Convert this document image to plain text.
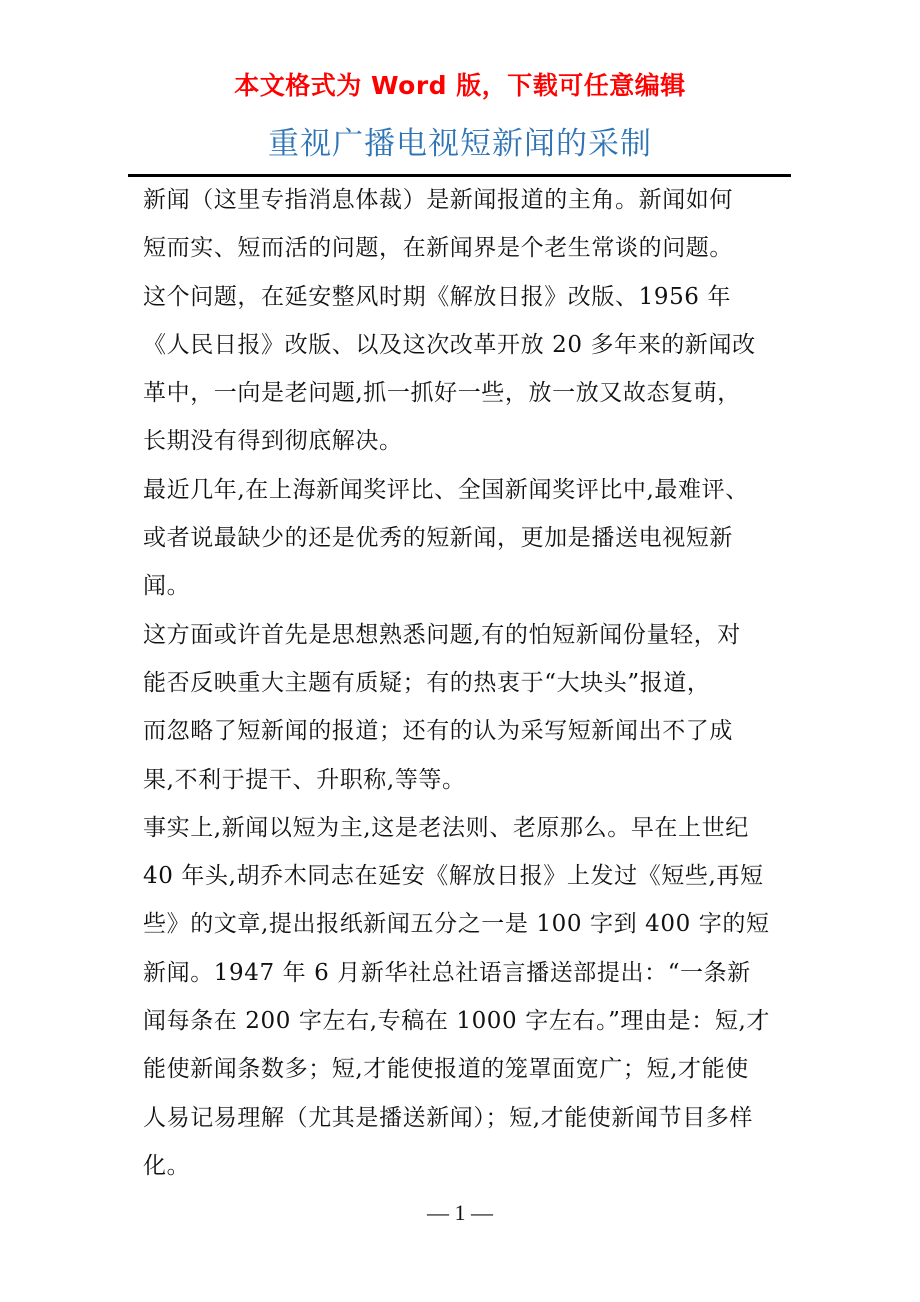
本文格式为 Word 版，下载可任意编辑
重视广播电视短新闻的采制
新闻（这里专指消息体裁）是新闻报道的主角。新闻如何
短而实、短而活的问题，在新闻界是个老生常谈的问题。
这个问题，在延安整风时期《解放日报》改版、1956 年
《人民日报》改版、以及这次改革开放 20 多年来的新闻改
革中，一向是老问题,抓一抓好一些，放一放又故态复萌，
长期没有得到彻底解决。
最近几年,在上海新闻奖评比、全国新闻奖评比中,最难评、
或者说最缺少的还是优秀的短新闻，更加是播送电视短新
闻。
这方面或许首先是思想熟悉问题,有的怕短新闻份量轻，对
能否反映重大主题有质疑；有的热衷于“大块头”报道，
而忽略了短新闻的报道；还有的认为采写短新闻出不了成
果,不利于提干、升职称,等等。
事实上,新闻以短为主,这是老法则、老原那么。早在上世纪
40 年头,胡乔木同志在延安《解放日报》上发过《短些,再短
些》的文章,提出报纸新闻五分之一是 100 字到 400 字的短
新闻。1947 年 6 月新华社总社语言播送部提出：“一条新
闻每条在 200 字左右,专稿在 1000 字左右。”理由是：短,才
能使新闻条数多；短,才能使报道的笼罩面宽广；短,才能使
人易记易理解（尤其是播送新闻）；短,才能使新闻节目多样
化。
— 1 —
